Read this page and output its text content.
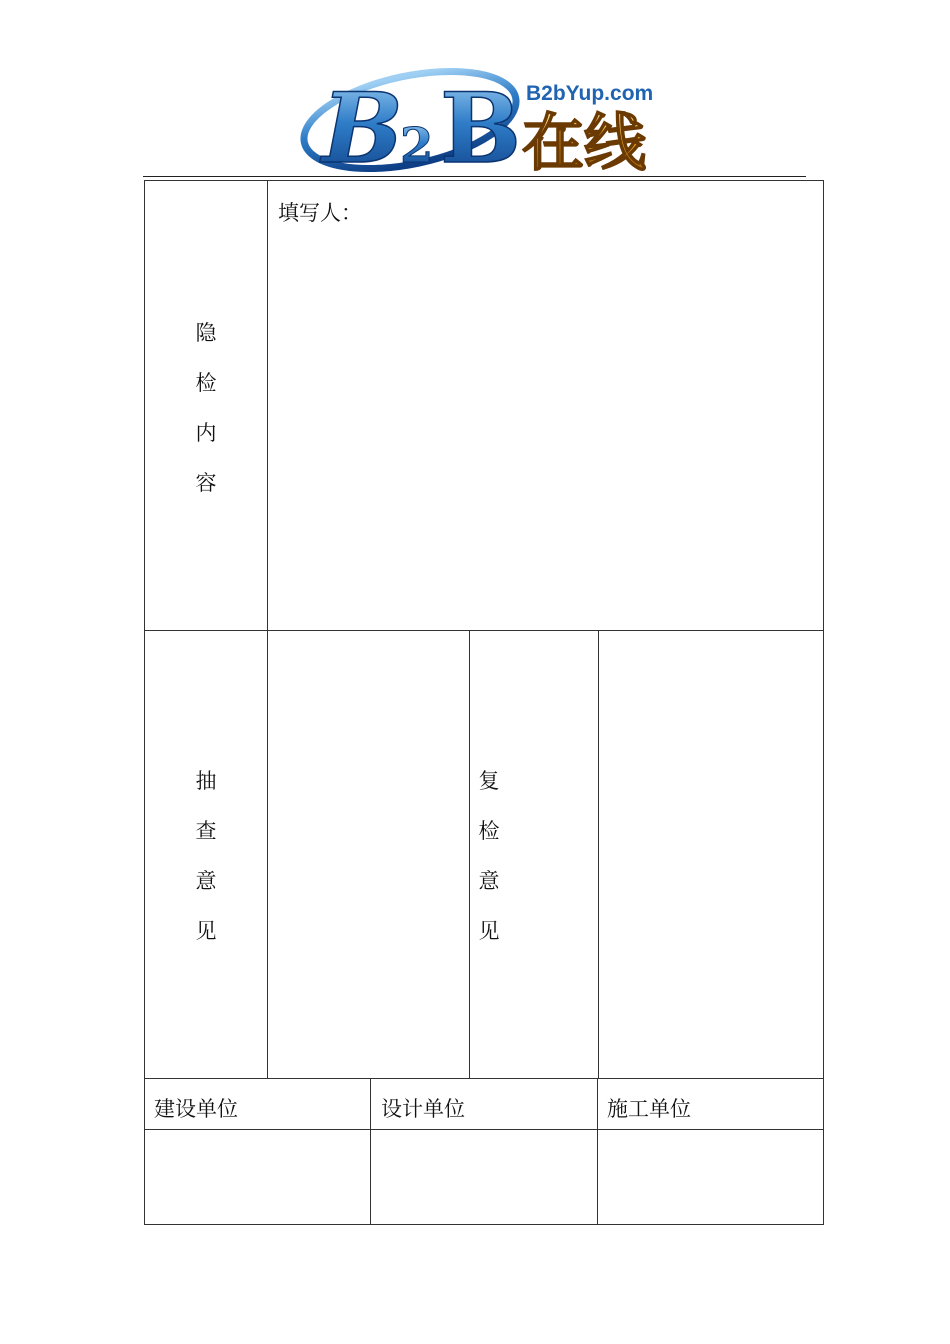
B
2 B 在线
B2bYup.com
隐
检
内
容
填写人：
抽
查
意
见
复
检
意
见
建设单位	设计单位	施工单位
